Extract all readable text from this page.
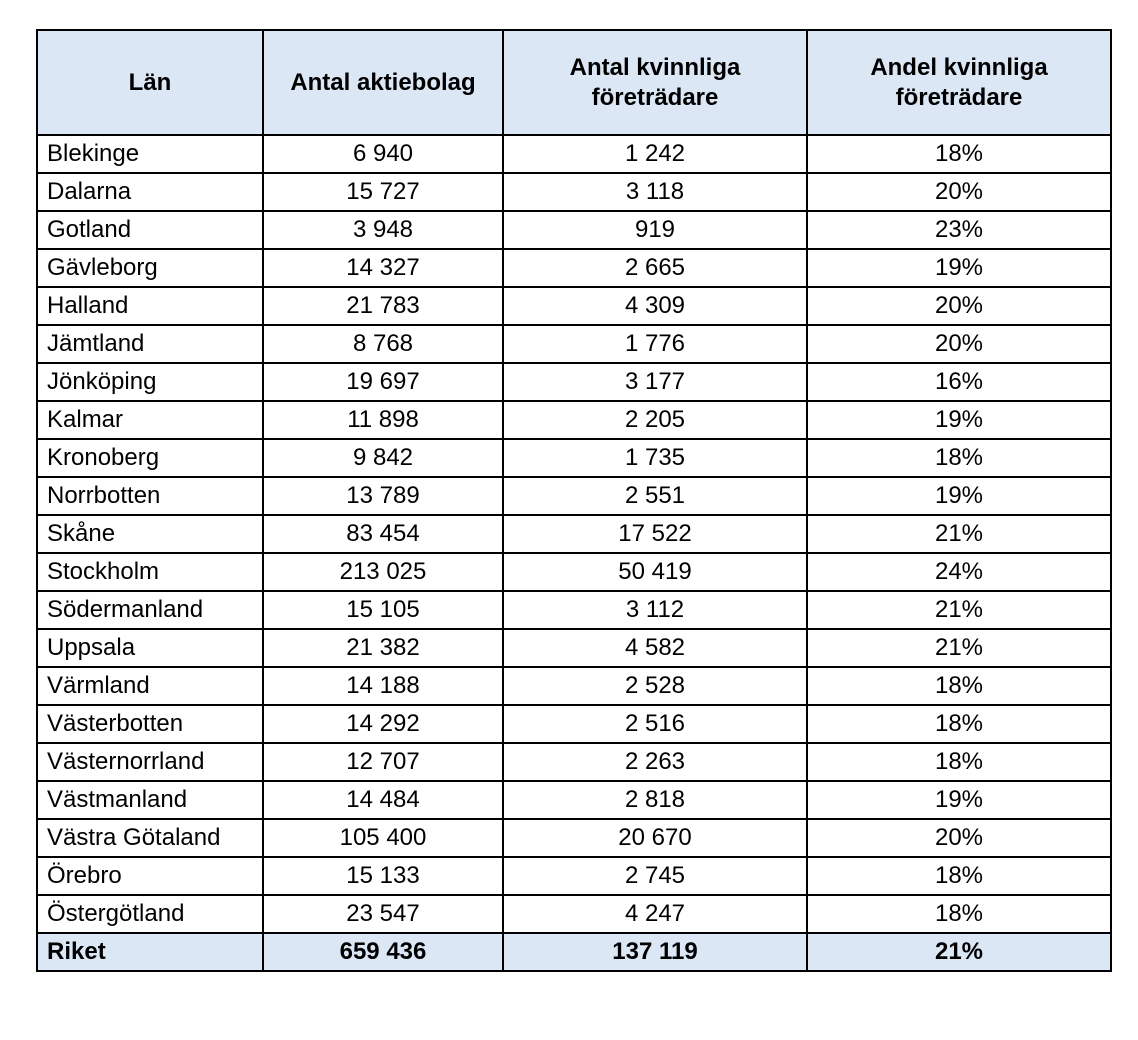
Län	Antal aktiebolag	Antal kvinnliga företrädare	Andel kvinnliga företrädare
Blekinge	6 940	1 242	18%
Dalarna	15 727	3 118	20%
Gotland	3 948	919	23%
Gävleborg	14 327	2 665	19%
Halland	21 783	4 309	20%
Jämtland	8 768	1 776	20%
Jönköping	19 697	3 177	16%
Kalmar	11 898	2 205	19%
Kronoberg	9 842	1 735	18%
Norrbotten	13 789	2 551	19%
Skåne	83 454	17 522	21%
Stockholm	213 025	50 419	24%
Södermanland	15 105	3 112	21%
Uppsala	21 382	4 582	21%
Värmland	14 188	2 528	18%
Västerbotten	14 292	2 516	18%
Västernorrland	12 707	2 263	18%
Västmanland	14 484	2 818	19%
Västra Götaland	105 400	20 670	20%
Örebro	15 133	2 745	18%
Östergötland	23 547	4 247	18%
Riket	659 436	137 119	21%
